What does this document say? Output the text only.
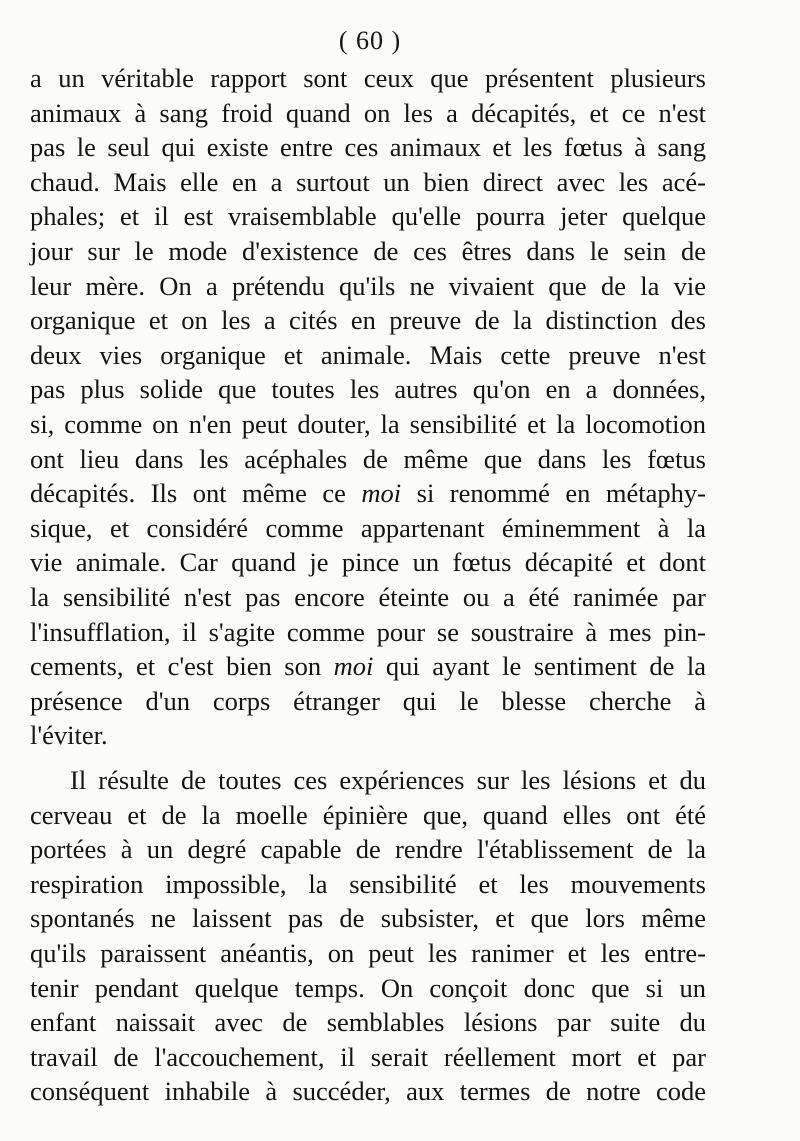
( 60 )
a un véritable rapport sont ceux que présentent plusieurs
animaux à sang froid quand on les a décapités, et ce n'est
pas le seul qui existe entre ces animaux et les fœtus à sang
chaud. Mais elle en a surtout un bien direct avec les acé-
phales; et il est vraisemblable qu'elle pourra jeter quelque
jour sur le mode d'existence de ces êtres dans le sein de
leur mère. On a prétendu qu'ils ne vivaient que de la vie
organique et on les a cités en preuve de la distinction des
deux vies organique et animale. Mais cette preuve n'est
pas plus solide que toutes les autres qu'on en a données,
si, comme on n'en peut douter, la sensibilité et la locomotion
ont lieu dans les acéphales de même que dans les fœtus
décapités. Ils ont même ce moi si renommé en métaphy-
sique, et considéré comme appartenant éminemment à la
vie animale. Car quand je pince un fœtus décapité et dont
la sensibilité n'est pas encore éteinte ou a été ranimée par
l'insufflation, il s'agite comme pour se soustraire à mes pin-
cements, et c'est bien son moi qui ayant le sentiment de la
présence d'un corps étranger qui le blesse cherche à
l'éviter.
Il résulte de toutes ces expériences sur les lésions et du
cerveau et de la moelle épinière que, quand elles ont été
portées à un degré capable de rendre l'établissement de la
respiration impossible, la sensibilité et les mouvements
spontanés ne laissent pas de subsister, et que lors même
qu'ils paraissent anéantis, on peut les ranimer et les entre-
tenir pendant quelque temps. On conçoit donc que si un
enfant naissait avec de semblables lésions par suite du
travail de l'accouchement, il serait réellement mort et par
conséquent inhabile à succéder, aux termes de notre code
